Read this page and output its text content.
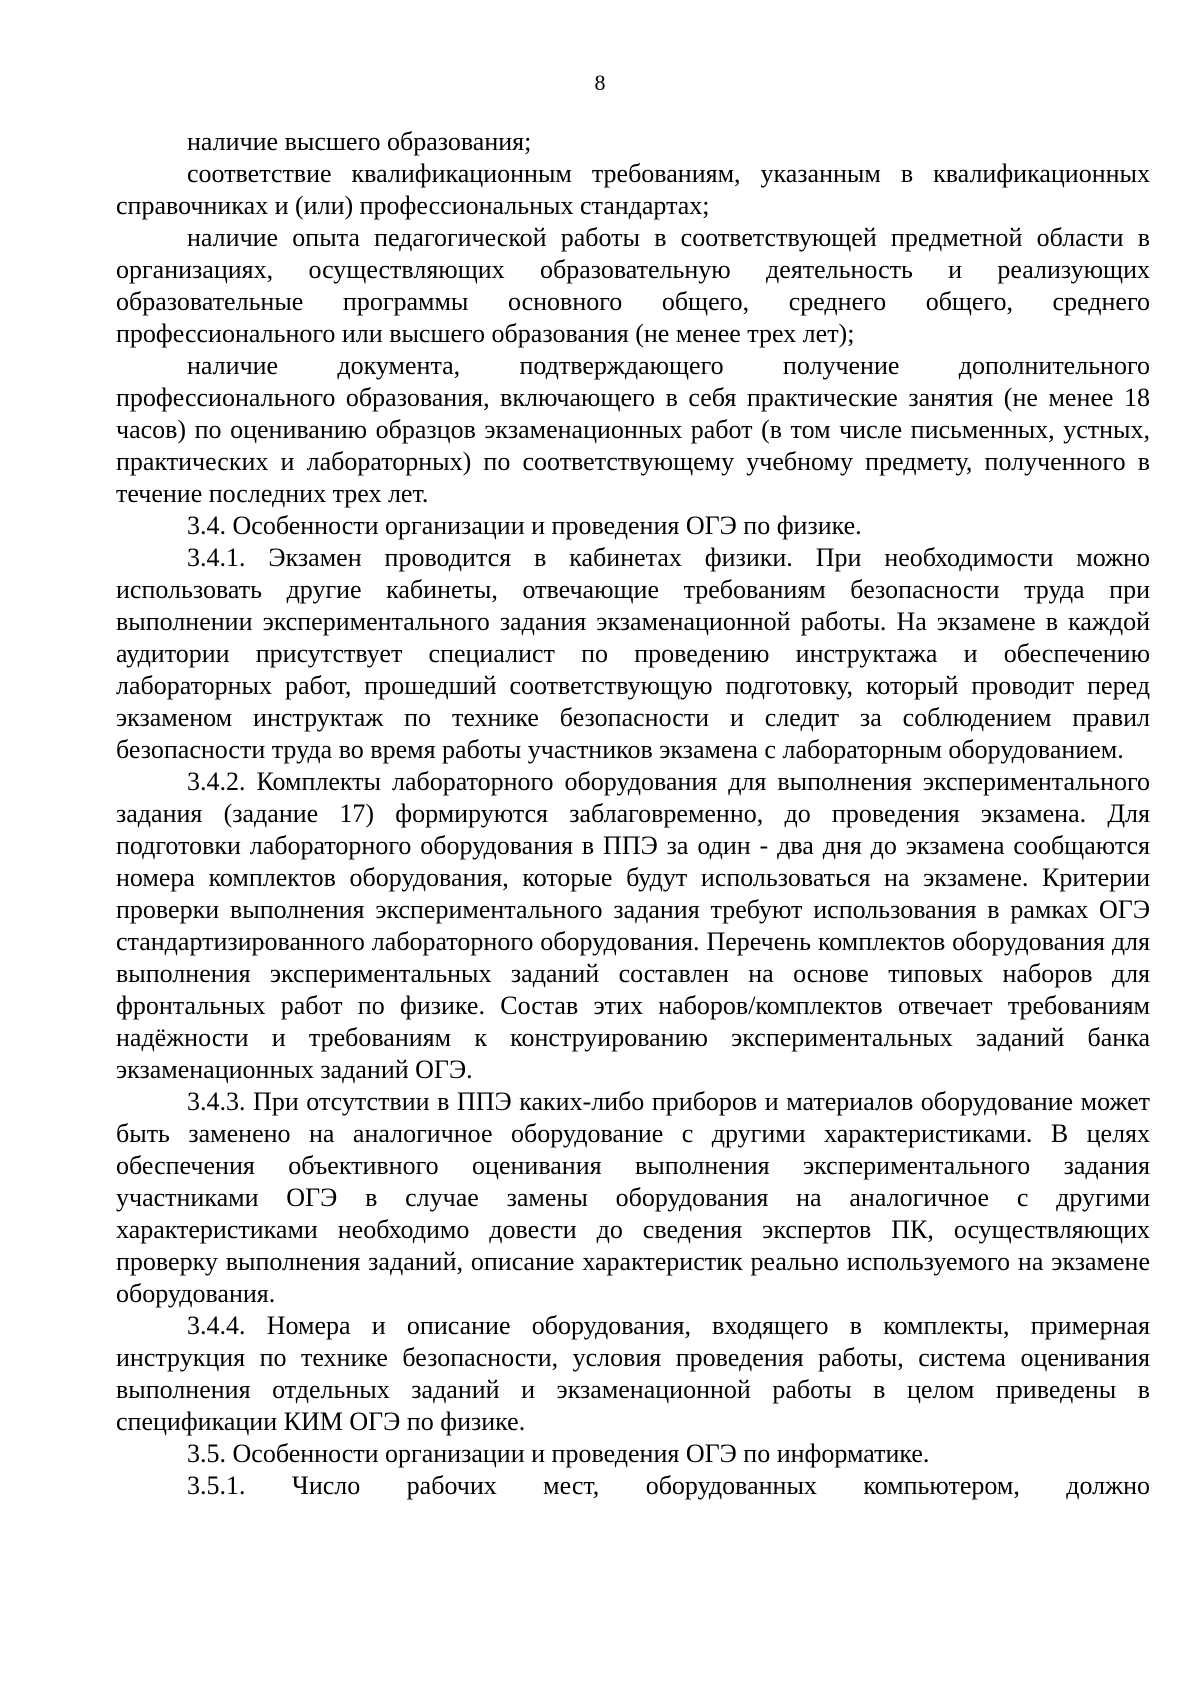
8

наличие высшего образования;

соответствие квалификационным требованиям, указанным в квалификационных справочниках и (или) профессиональных стандартах;

наличие опыта педагогической работы в соответствующей предметной области в организациях, осуществляющих образовательную деятельность и реализующих образовательные программы основного общего, среднего общего, среднего профессионального или высшего образования (не менее трех лет);

наличие документа, подтверждающего получение дополнительного профессионального образования, включающего в себя практические занятия (не менее 18 часов) по оцениванию образцов экзаменационных работ (в том числе письменных, устных, практических и лабораторных) по соответствующему учебному предмету, полученного в течение последних трех лет.

3.4. Особенности организации и проведения ОГЭ по физике.

3.4.1. Экзамен проводится в кабинетах физики. При необходимости можно использовать другие кабинеты, отвечающие требованиям безопасности труда при выполнении экспериментального задания экзаменационной работы. На экзамене в каждой аудитории присутствует специалист по проведению инструктажа и обеспечению лабораторных работ, прошедший соответствующую подготовку, который проводит перед экзаменом инструктаж по технике безопасности и следит за соблюдением правил безопасности труда во время работы участников экзамена с лабораторным оборудованием.

3.4.2. Комплекты лабораторного оборудования для выполнения экспериментального задания (задание 17) формируются заблаговременно, до проведения экзамена. Для подготовки лабораторного оборудования в ППЭ за один - два дня до экзамена сообщаются номера комплектов оборудования, которые будут использоваться на экзамене. Критерии проверки выполнения экспериментального задания требуют использования в рамках ОГЭ стандартизированного лабораторного оборудования. Перечень комплектов оборудования для выполнения экспериментальных заданий составлен на основе типовых наборов для фронтальных работ по физике. Состав этих наборов/комплектов отвечает требованиям надёжности и требованиям к конструированию экспериментальных заданий банка экзаменационных заданий ОГЭ.

3.4.3. При отсутствии в ППЭ каких-либо приборов и материалов оборудование может быть заменено на аналогичное оборудование с другими характеристиками. В целях обеспечения объективного оценивания выполнения экспериментального задания участниками ОГЭ в случае замены оборудования на аналогичное с другими характеристиками необходимо довести до сведения экспертов ПК, осуществляющих проверку выполнения заданий, описание характеристик реально используемого на экзамене оборудования.

3.4.4. Номера и описание оборудования, входящего в комплекты, примерная инструкция по технике безопасности, условия проведения работы, система оценивания выполнения отдельных заданий и экзаменационной работы в целом приведены в спецификации КИМ ОГЭ по физике.

3.5. Особенности организации и проведения ОГЭ по информатике.

3.5.1. Число рабочих мест, оборудованных компьютером, должно
